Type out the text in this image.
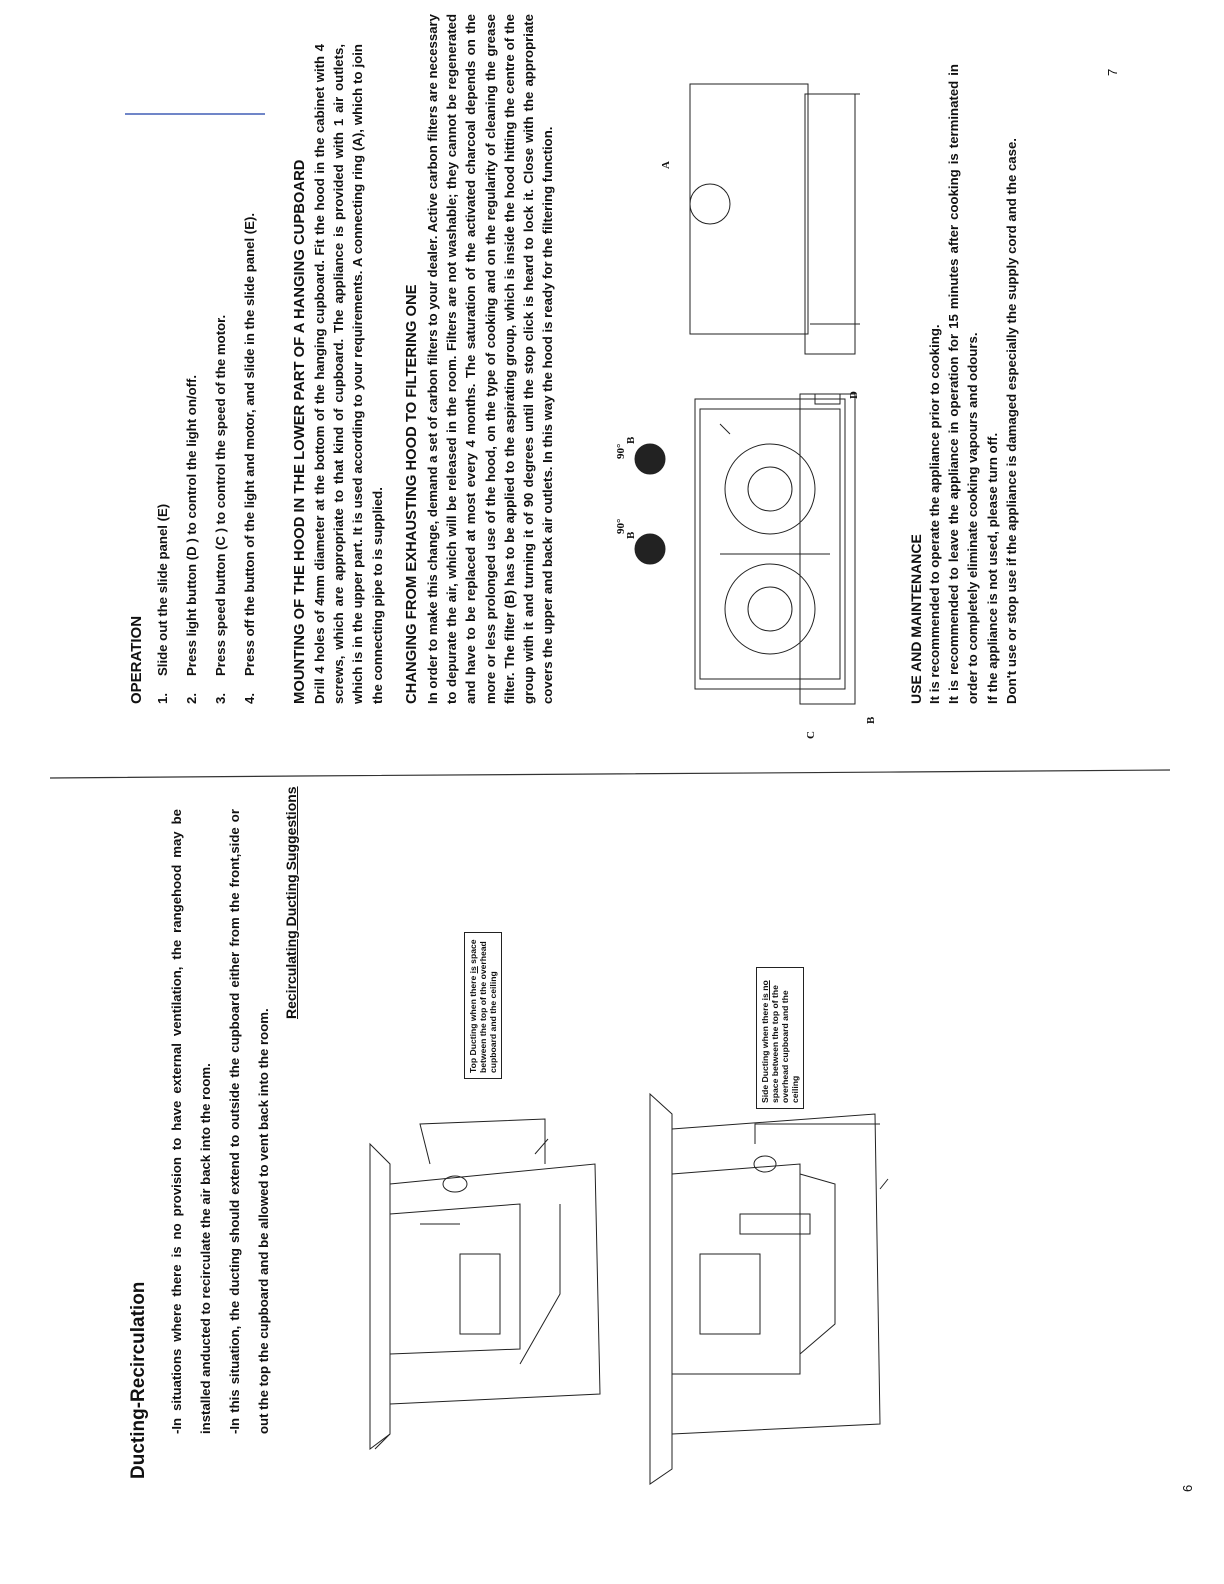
Ducting-Recirculation	-In situations where there is no provision to have external ventilation, the rangehood may be installed anducted to recirculate the air back into the room.	-In this situation, the ducting should extend to outside the cupboard either from the front,side or out the top the cupboard and be allowed to vent back into the room.
Recirculating Ducting Suggestions
Top Ducting when there is space between the top of the overhead cupboard and the ceiling	Side Ducting when there is no space between the top of the overhead cupboard and the ceiling
6
OPERATION 1.Slide out the slide panel (E)
2.Press light button (D ) to control the light on/off.
3.Press speed button (C ) to control the speed of the motor.
4.Press off the button of the light and motor, and slide in the slide panel (E). MOUNTING OF THE HOOD IN THE LOWER PART OF A HANGING CUPBOARD Drill 4 holes of 4mm diameter at the bottom of the hanging cupboard. Fit the hood in the cabinet with 4 screws, which are appropriate to that kind of cupboard. The appliance is provided with 1 air outlets, which is in the upper part. It is used according to your requirements. A connecting ring (A), which to join the connecting pipe to is supplied. CHANGING FROM EXHAUSTING HOOD TO FILTERING ONE In order to make this change, demand a set of carbon filters to your dealer. Active carbon filters are necessary to depurate the air, which will be released in the room. Filters are not washable; they cannot be regenerated and have to be replaced at most every 4 months. The saturation of the activated charcoal depends on the more or less prolonged use of the hood, on the type of cooking and on the regularity of cleaning the grease filter. The filter (B) has to be applied to the aspirating group, which is inside the hood hitting the centre of the group with it and turning it of 90 degrees until the stop click is heard to lock it. Close with the appropriate covers the upper and back air outlets. In this way the hood is ready for the filtering function.
C
B
D
B
90°
B
90°
A
USE AND MAINTENANCE It is recommended to operate the appliance prior to cooking. It is recommended to leave the appliance in operation for 15 minutes after cooking is terminated in order to completely eliminate cooking vapours and odours. If the appliance is not used, please turn off. Don't use or stop use if the appliance is damaged especially the supply cord and the case.
7
